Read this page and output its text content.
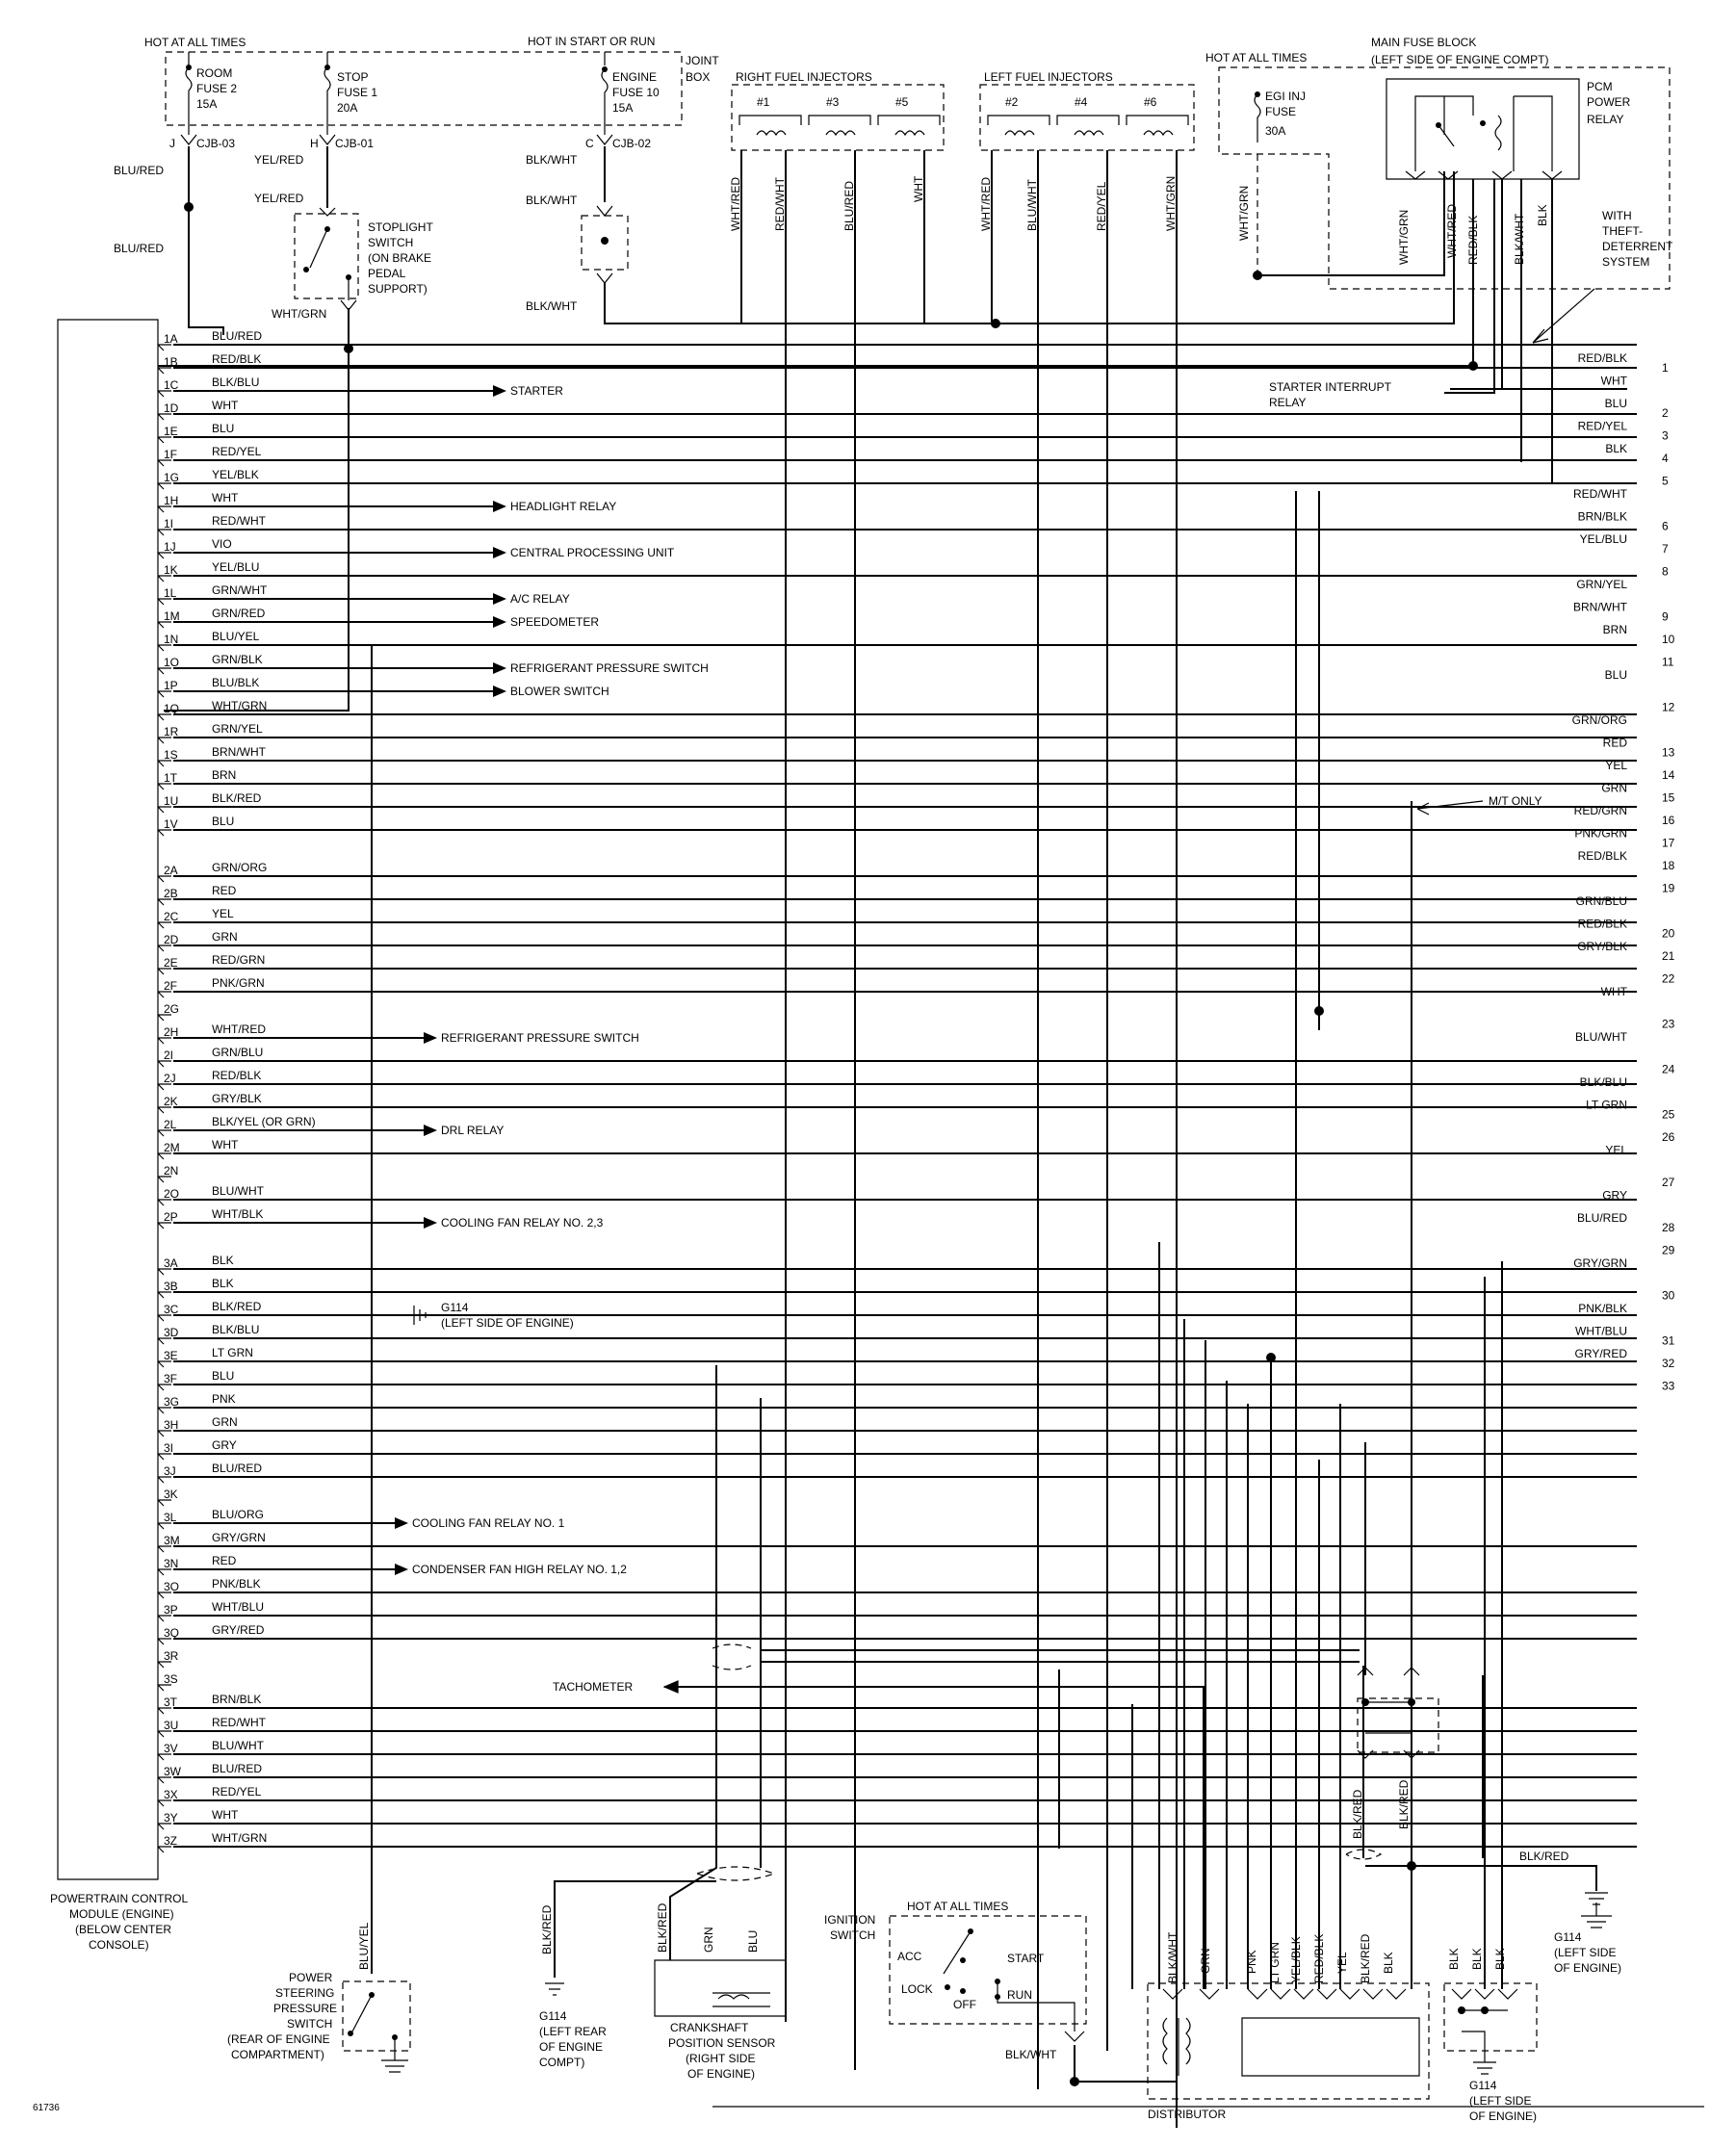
HOT AT ALL TIMES	HOT IN START OR RUN
JOINT
BOX
ROOM
FUSE 2
15A
J CJB-03
STOP
FUSE 1
20A
H CJB-01
ENGINE
FUSE 10
15A
C CJB-02
BLU/RED
BLU/RED
YEL/RED
YEL/RED
STOPLIGHT
SWITCH
(ON BRAKE
PEDAL
SUPPORT)
WHT/GRN
BLK/WHT
BLK/WHT
BLK/WHT
RIGHT FUEL INJECTORS
#1	#3	#5
LEFT FUEL INJECTORS
#2	#4	#6
WHT/RED	RED/WHT	BLU/RED	WHT	WHT/RED	BLU/WHT	RED/YEL	WHT/GRN
HOT AT ALL TIMES
MAIN FUSE BLOCK
(LEFT SIDE OF ENGINE COMPT)
EGI INJ
FUSE
30A
WHT/GRN
PCM
POWER
RELAY
WHT/GRN	WHT/RED RED/BLK	BLK/WHT BLK	WITH
THEFT-
DETERRENT
SYSTEM
STARTER INTERRUPT
RELAY
POWERTRAIN CONTROL
MODULE (ENGINE)
(BELOW CENTER
CONSOLE)
1A	BLU/RED
1B	RED/BLK
1C	BLK/BLU
STARTER
1D	WHT
1E	BLU
1F	RED/YEL
1G	YEL/BLK
1H	WHT
HEADLIGHT RELAY
1I	RED/WHT
1J	VIO
CENTRAL PROCESSING UNIT
1K	YEL/BLU
1L	GRN/WHT
A/C RELAY
1M	GRN/RED
SPEEDOMETER
1N	BLU/YEL
1O	GRN/BLK
REFRIGERANT PRESSURE SWITCH
1P	BLU/BLK
BLOWER SWITCH
1Q	WHT/GRN
1R	GRN/YEL
1S	BRN/WHT
1T	BRN
1U	BLK/RED
1V	BLU
2A	GRN/ORG
2B	RED
2C	YEL
2D	GRN
2E	RED/GRN
2F	PNK/GRN
2G
2H	WHT/RED
REFRIGERANT PRESSURE SWITCH
2I	GRN/BLU
2J	RED/BLK
2K	GRY/BLK
2L	BLK/YEL (OR GRN)
DRL RELAY
2M	WHT
2N
2O	BLU/WHT
2P	WHT/BLK
COOLING FAN RELAY NO. 2,3
3A	BLK
3B	BLK
3C	BLK/RED
3D	BLK/BLU
3E	LT GRN
3F	BLU
3G	PNK
3H	GRN
3I	GRY
3J	BLU/RED
3K
3L	BLU/ORG
COOLING FAN RELAY NO. 1
3M	GRY/GRN
3N	RED
CONDENSER FAN HIGH RELAY NO. 1,2
3O	PNK/BLK
3P	WHT/BLU
3Q	GRY/RED
3R
3S
3T	BRN/BLK
3U	RED/WHT
3V	BLU/WHT
3W	BLU/RED
3X	RED/YEL
3Y	WHT
3Z	WHT/GRN
G114
(LEFT SIDE OF ENGINE)
RED/BLK
1
WHT
BLU
2
RED/YEL
3
BLK
4
5
RED/WHT
BRN/BLK
6
YEL/BLU
7
8
GRN/YEL
BRN/WHT
9
BRN
10
11
BLU
12
GRN/ORG
RED
13
YEL
14
GRN
15
RED/GRN
16
PNK/GRN
17
RED/BLK
18
19
GRN/BLU
RED/BLK
20
GRY/BLK
21
22
WHT
23
BLU/WHT
24
BLK/BLU
LT GRN
25
26
YEL
27
GRY
BLU/RED
28
29
GRY/GRN
30
PNK/BLK
WHT/BLU
31
GRY/RED
32
33
BLK/RED	BLK/RED
BLK/RED
G114
(LEFT SIDE
OF ENGINE)
M/T ONLY
TACHOMETER
BLU/YEL
POWER
STEERING
PRESSURE
SWITCH
(REAR OF ENGINE
COMPARTMENT)
BLK/RED
G114
(LEFT REAR
OF ENGINE
COMPT)
BLK/RED	GRN	BLU
CRANKSHAFT
POSITION SENSOR
(RIGHT SIDE
OF ENGINE)
IGNITION
SWITCH
HOT AT ALL TIMES
ACC
LOCK
OFF
START
RUN
BLK/WHT
BLK/WHT GRN	PNK LT GRN YEL/BLK RED/BLK YEL BLK/RED BLK
DISTRIBUTOR
BLK BLK BLK
G114
(LEFT SIDE
OF ENGINE)
61736
